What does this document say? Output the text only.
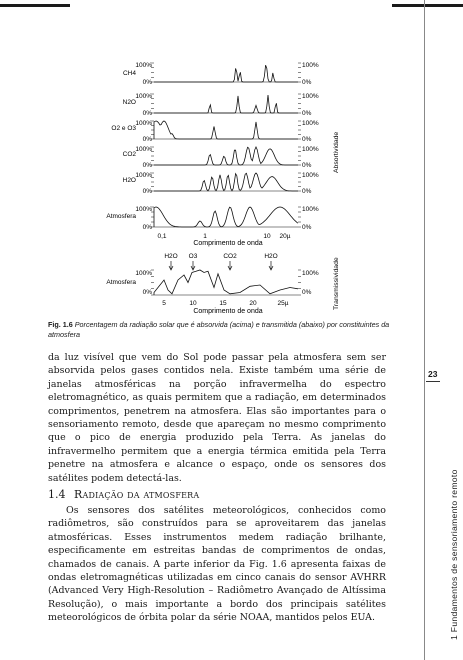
CH4
N2O
O2 e O3
CO2
H2O
Atmosfera
100%
0%
100%
0%
100%
0%
100%
0%
100%
0%
100%
0%
100%
0%
100%
0%
100%
0%
100%
0%
100%
0%
100%
0%
Absortividade
0,1	1	10 20µ
Comprimento de onda
H2O O3	CO2	H2O
Atmosfera
100%
0%
100%
0%	Transmissividade
5	10	15	20	25µ
Comprimento de onda
Fig. 1.6 Porcentagem da radiação solar que é absorvida (acima) e transmitida (abaixo) por constituintes da atmosfera
da luz visível que vem do Sol pode passar pela atmosfera sem ser absorvida pelos gases contidos nela. Existe também uma série de janelas atmosféricas na porção infravermelha do espectro eletromagnético, as quais permitem que a radiação, em determinados comprimentos, penetrem na atmosfera. Elas são importantes para o sensoriamento remoto, desde que apareçam no mesmo comprimento que o pico de energia produzido pela Terra. As janelas do infravermelho permitem que a energia térmica emitida pela Terra penetre na atmosfera e alcance o espaço, onde os sensores dos satélites podem detectá-las.
1.4 Radiação da atmosfera
Os sensores dos satélites meteorológicos, conhecidos como radiômetros, são construídos para se aproveitarem das janelas atmosféricas. Esses instrumentos medem radiação brilhante, especificamente em estreitas bandas de comprimentos de ondas, chamados de canais. A parte inferior da Fig. 1.6 apresenta faixas de ondas eletromagnéticas utilizadas em cinco canais do sensor AVHRR (Advanced Very High-Resolution – Radiômetro Avançado de Altíssima Resolução), o mais importante a bordo dos principais satélites meteorológicos de órbita polar da série NOAA, mantidos pelos EUA.
23
1 Fundamentos de sensoriamento remoto
